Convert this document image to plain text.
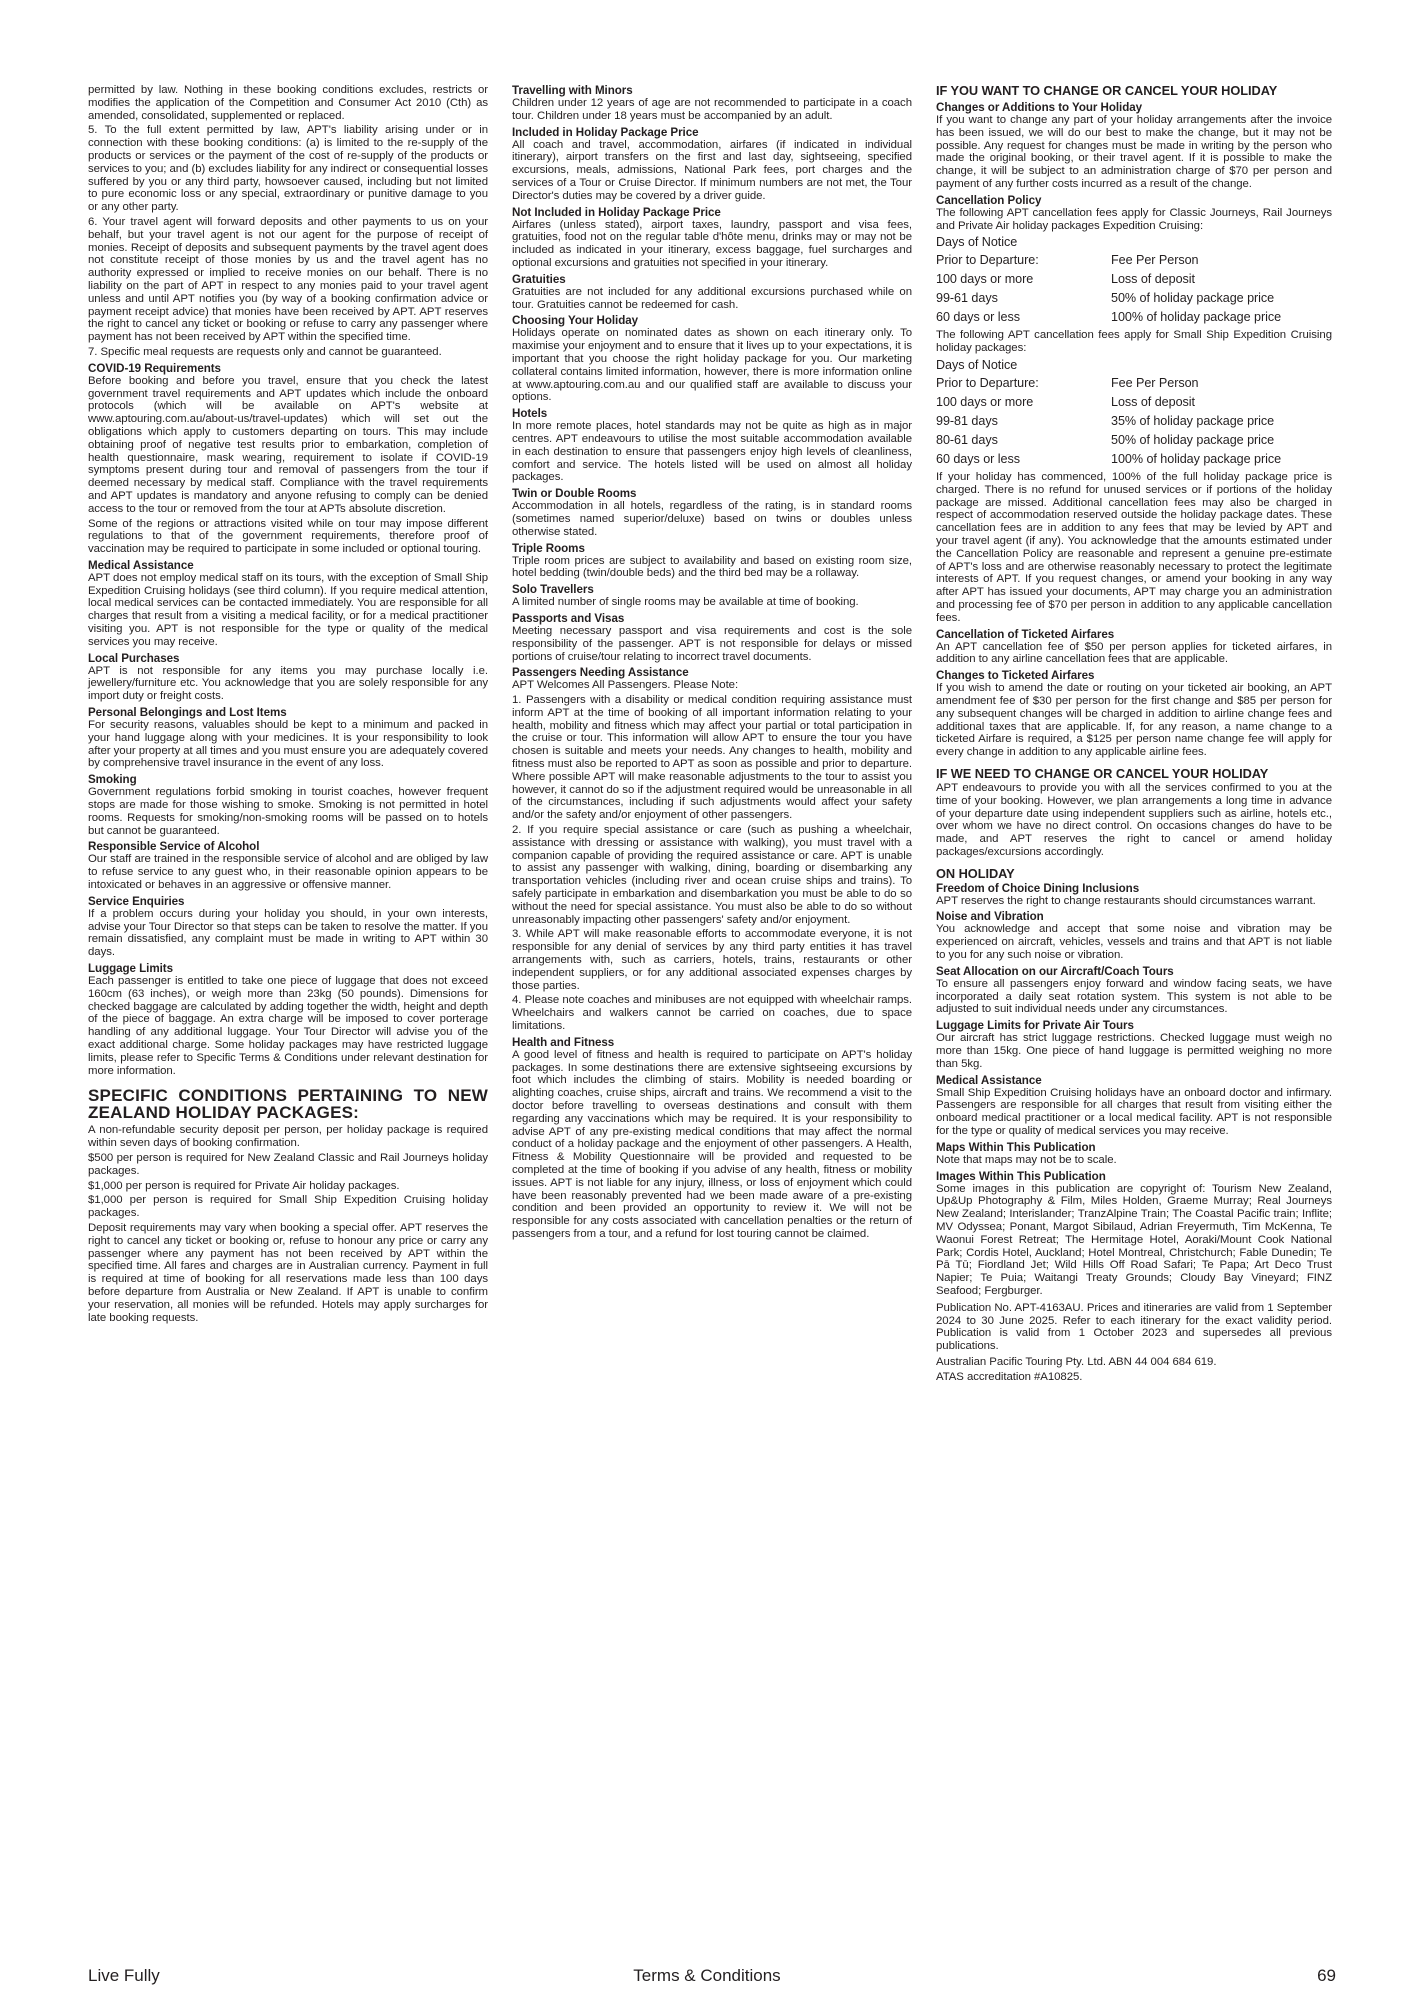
permitted by law. Nothing in these booking conditions excludes, restricts or modifies the application of the Competition and Consumer Act 2010 (Cth) as amended, consolidated, supplemented or replaced.

5. To the full extent permitted by law, APT's liability arising under or in connection with these booking conditions: (a) is limited to the re-supply of the products or services or the payment of the cost of re-supply of the products or services to you; and (b) excludes liability for any indirect or consequential losses suffered by you or any third party, howsoever caused, including but not limited to pure economic loss or any special, extraordinary or punitive damage to you or any other party.

6. Your travel agent will forward deposits and other payments to us on your behalf, but your travel agent is not our agent for the purpose of receipt of monies. Receipt of deposits and subsequent payments by the travel agent does not constitute receipt of those monies by us and the travel agent has no authority expressed or implied to receive monies on our behalf. There is no liability on the part of APT in respect to any monies paid to your travel agent unless and until APT notifies you (by way of a booking confirmation advice or payment receipt advice) that monies have been received by APT. APT reserves the right to cancel any ticket or booking or refuse to carry any passenger where payment has not been received by APT within the specified time.

7. Specific meal requests are requests only and cannot be guaranteed.

COVID-19 Requirements

Before booking and before you travel, ensure that you check the latest government travel requirements and APT updates which include the onboard protocols (which will be available on APT's website at www.aptouring.com.au/about-us/travel-updates) which will set out the obligations which apply to customers departing on tours. This may include obtaining proof of negative test results prior to embarkation, completion of health questionnaire, mask wearing, requirement to isolate if COVID-19 symptoms present during tour and removal of passengers from the tour if deemed necessary by medical staff. Compliance with the travel requirements and APT updates is mandatory and anyone refusing to comply can be denied access to the tour or removed from the tour at APTs absolute discretion.

Some of the regions or attractions visited while on tour may impose different regulations to that of the government requirements, therefore proof of vaccination may be required to participate in some included or optional touring.

Medical Assistance

APT does not employ medical staff on its tours, with the exception of Small Ship Expedition Cruising holidays (see third column). If you require medical attention, local medical services can be contacted immediately. You are responsible for all charges that result from a visiting a medical facility, or for a medical practitioner visiting you. APT is not responsible for the type or quality of the medical services you may receive.

Local Purchases

APT is not responsible for any items you may purchase locally i.e. jewellery/furniture etc. You acknowledge that you are solely responsible for any import duty or freight costs.

Personal Belongings and Lost Items

For security reasons, valuables should be kept to a minimum and packed in your hand luggage along with your medicines. It is your responsibility to look after your property at all times and you must ensure you are adequately covered by comprehensive travel insurance in the event of any loss.

Smoking

Government regulations forbid smoking in tourist coaches, however frequent stops are made for those wishing to smoke. Smoking is not permitted in hotel rooms. Requests for smoking/non-smoking rooms will be passed on to hotels but cannot be guaranteed.

Responsible Service of Alcohol

Our staff are trained in the responsible service of alcohol and are obliged by law to refuse service to any guest who, in their reasonable opinion appears to be intoxicated or behaves in an aggressive or offensive manner.

Service Enquiries

If a problem occurs during your holiday you should, in your own interests, advise your Tour Director so that steps can be taken to resolve the matter. If you remain dissatisfied, any complaint must be made in writing to APT within 30 days.

Luggage Limits

Each passenger is entitled to take one piece of luggage that does not exceed 160cm (63 inches), or weigh more than 23kg (50 pounds). Dimensions for checked baggage are calculated by adding together the width, height and depth of the piece of baggage. An extra charge will be imposed to cover porterage handling of any additional luggage. Your Tour Director will advise you of the exact additional charge. Some holiday packages may have restricted luggage limits, please refer to Specific Terms & Conditions under relevant destination for more information.

SPECIFIC CONDITIONS PERTAINING TO NEW ZEALAND HOLIDAY PACKAGES:

A non-refundable security deposit per person, per holiday package is required within seven days of booking confirmation.

$500 per person is required for New Zealand Classic and Rail Journeys holiday packages.

$1,000 per person is required for Private Air holiday packages.

$1,000 per person is required for Small Ship Expedition Cruising holiday packages.

Deposit requirements may vary when booking a special offer. APT reserves the right to cancel any ticket or booking or, refuse to honour any price or carry any passenger where any payment has not been received by APT within the specified time. All fares and charges are in Australian currency. Payment in full is required at time of booking for all reservations made less than 100 days before departure from Australia or New Zealand. If APT is unable to confirm your reservation, all monies will be refunded. Hotels may apply surcharges for late booking requests.

Travelling with Minors

Children under 12 years of age are not recommended to participate in a coach tour. Children under 18 years must be accompanied by an adult.

Included in Holiday Package Price

All coach and travel, accommodation, airfares (if indicated in individual itinerary), airport transfers on the first and last day, sightseeing, specified excursions, meals, admissions, National Park fees, port charges and the services of a Tour or Cruise Director. If minimum numbers are not met, the Tour Director's duties may be covered by a driver guide.

Not Included in Holiday Package Price

Airfares (unless stated), airport taxes, laundry, passport and visa fees, gratuities, food not on the regular table d'hôte menu, drinks may or may not be included as indicated in your itinerary, excess baggage, fuel surcharges and optional excursions and gratuities not specified in your itinerary.

Gratuities

Gratuities are not included for any additional excursions purchased while on tour. Gratuities cannot be redeemed for cash.

Choosing Your Holiday

Holidays operate on nominated dates as shown on each itinerary only. To maximise your enjoyment and to ensure that it lives up to your expectations, it is important that you choose the right holiday package for you. Our marketing collateral contains limited information, however, there is more information online at www.aptouring.com.au and our qualified staff are available to discuss your options.

Hotels

In more remote places, hotel standards may not be quite as high as in major centres. APT endeavours to utilise the most suitable accommodation available in each destination to ensure that passengers enjoy high levels of cleanliness, comfort and service. The hotels listed will be used on almost all holiday packages.

Twin or Double Rooms

Accommodation in all hotels, regardless of the rating, is in standard rooms (sometimes named superior/deluxe) based on twins or doubles unless otherwise stated.

Triple Rooms

Triple room prices are subject to availability and based on existing room size, hotel bedding (twin/double beds) and the third bed may be a rollaway.

Solo Travellers

A limited number of single rooms may be available at time of booking.

Passports and Visas

Meeting necessary passport and visa requirements and cost is the sole responsibility of the passenger. APT is not responsible for delays or missed portions of cruise/tour relating to incorrect travel documents.

Passengers Needing Assistance

APT Welcomes All Passengers. Please Note:

1. Passengers with a disability or medical condition requiring assistance must inform APT at the time of booking of all important information relating to your health, mobility and fitness which may affect your partial or total participation in the cruise or tour. This information will allow APT to ensure the tour you have chosen is suitable and meets your needs. Any changes to health, mobility and fitness must also be reported to APT as soon as possible and prior to departure. Where possible APT will make reasonable adjustments to the tour to assist you however, it cannot do so if the adjustment required would be unreasonable in all of the circumstances, including if such adjustments would affect your safety and/or the safety and/or enjoyment of other passengers.

2. If you require special assistance or care (such as pushing a wheelchair, assistance with dressing or assistance with walking), you must travel with a companion capable of providing the required assistance or care. APT is unable to assist any passenger with walking, dining, boarding or disembarking any transportation vehicles (including river and ocean cruise ships and trains). To safely participate in embarkation and disembarkation you must be able to do so without the need for special assistance. You must also be able to do so without unreasonably impacting other passengers' safety and/or enjoyment.

3. While APT will make reasonable efforts to accommodate everyone, it is not responsible for any denial of services by any third party entities it has travel arrangements with, such as carriers, hotels, trains, restaurants or other independent suppliers, or for any additional associated expenses charges by those parties.

4. Please note coaches and minibuses are not equipped with wheelchair ramps. Wheelchairs and walkers cannot be carried on coaches, due to space limitations.

Health and Fitness

A good level of fitness and health is required to participate on APT's holiday packages. In some destinations there are extensive sightseeing excursions by foot which includes the climbing of stairs. Mobility is needed boarding or alighting coaches, cruise ships, aircraft and trains. We recommend a visit to the doctor before travelling to overseas destinations and consult with them regarding any vaccinations which may be required. It is your responsibility to advise APT of any pre-existing medical conditions that may affect the normal conduct of a holiday package and the enjoyment of other passengers. A Health, Fitness & Mobility Questionnaire will be provided and requested to be completed at the time of booking if you advise of any health, fitness or mobility issues. APT is not liable for any injury, illness, or loss of enjoyment which could have been reasonably prevented had we been made aware of a pre-existing condition and been provided an opportunity to review it. We will not be responsible for any costs associated with cancellation penalties or the return of passengers from a tour, and a refund for lost touring cannot be claimed.

IF YOU WANT TO CHANGE OR CANCEL YOUR HOLIDAY
Changes or Additions to Your Holiday

If you want to change any part of your holiday arrangements after the invoice has been issued, we will do our best to make the change, but it may not be possible. Any request for changes must be made in writing by the person who made the original booking, or their travel agent. If it is possible to make the change, it will be subject to an administration charge of $70 per person and payment of any further costs incurred as a result of the change.

Cancellation Policy

The following APT cancellation fees apply for Classic Journeys, Rail Journeys and Private Air holiday packages Expedition Cruising:

Days of Notice
Prior to Departure:	Fee Per Person
100 days or more	Loss of deposit
99-61 days	50% of holiday package price
60 days or less	100% of holiday package price

The following APT cancellation fees apply for Small Ship Expedition Cruising holiday packages:

Days of Notice
Prior to Departure:	Fee Per Person
100 days or more	Loss of deposit
99-81 days	35% of holiday package price
80-61 days	50% of holiday package price
60 days or less	100% of holiday package price

If your holiday has commenced, 100% of the full holiday package price is charged. There is no refund for unused services or if portions of the holiday package are missed. Additional cancellation fees may also be charged in respect of accommodation reserved outside the holiday package dates. These cancellation fees are in addition to any fees that may be levied by APT and your travel agent (if any). You acknowledge that the amounts estimated under the Cancellation Policy are reasonable and represent a genuine pre-estimate of APT's loss and are otherwise reasonably necessary to protect the legitimate interests of APT. If you request changes, or amend your booking in any way after APT has issued your documents, APT may charge you an administration and processing fee of $70 per person in addition to any applicable cancellation fees.

Cancellation of Ticketed Airfares

An APT cancellation fee of $50 per person applies for ticketed airfares, in addition to any airline cancellation fees that are applicable.

Changes to Ticketed Airfares

If you wish to amend the date or routing on your ticketed air booking, an APT amendment fee of $30 per person for the first change and $85 per person for any subsequent changes will be charged in addition to airline change fees and additional taxes that are applicable. If, for any reason, a name change to a ticketed Airfare is required, a $125 per person name change fee will apply for every change in addition to any applicable airline fees.

IF WE NEED TO CHANGE OR CANCEL YOUR HOLIDAY

APT endeavours to provide you with all the services confirmed to you at the time of your booking. However, we plan arrangements a long time in advance of your departure date using independent suppliers such as airline, hotels etc., over whom we have no direct control. On occasions changes do have to be made, and APT reserves the right to cancel or amend holiday packages/excursions accordingly.

ON HOLIDAY
Freedom of Choice Dining Inclusions

APT reserves the right to change restaurants should circumstances warrant.

Noise and Vibration

You acknowledge and accept that some noise and vibration may be experienced on aircraft, vehicles, vessels and trains and that APT is not liable to you for any such noise or vibration.

Seat Allocation on our Aircraft/Coach Tours

To ensure all passengers enjoy forward and window facing seats, we have incorporated a daily seat rotation system. This system is not able to be adjusted to suit individual needs under any circumstances.

Luggage Limits for Private Air Tours

Our aircraft has strict luggage restrictions. Checked luggage must weigh no more than 15kg. One piece of hand luggage is permitted weighing no more than 5kg.

Medical Assistance

Small Ship Expedition Cruising holidays have an onboard doctor and infirmary. Passengers are responsible for all charges that result from visiting either the onboard medical practitioner or a local medical facility. APT is not responsible for the type or quality of medical services you may receive.

Maps Within This Publication

Note that maps may not be to scale.

Images Within This Publication

Some images in this publication are copyright of: Tourism New Zealand, Up&Up Photography & Film, Miles Holden, Graeme Murray; Real Journeys New Zealand; Interislander; TranzAlpine Train; The Coastal Pacific train; Inflite; MV Odyssea; Ponant, Margot Sibilaud, Adrian Freyermuth, Tim McKenna, Te Waonui Forest Retreat; The Hermitage Hotel, Aoraki/Mount Cook National Park; Cordis Hotel, Auckland; Hotel Montreal, Christchurch; Fable Dunedin; Te Pā Tū; Fiordland Jet; Wild Hills Off Road Safari; Te Papa; Art Deco Trust Napier; Te Puia; Waitangi Treaty Grounds; Cloudy Bay Vineyard; FINZ Seafood; Fergburger.

Publication No. APT-4163AU. Prices and itineraries are valid from 1 September 2024 to 30 June 2025. Refer to each itinerary for the exact validity period. Publication is valid from 1 October 2023 and supersedes all previous publications.

Australian Pacific Touring Pty. Ltd. ABN 44 004 684 619.

ATAS accreditation #A10825.

Terms & Conditions
Live Fully	69
